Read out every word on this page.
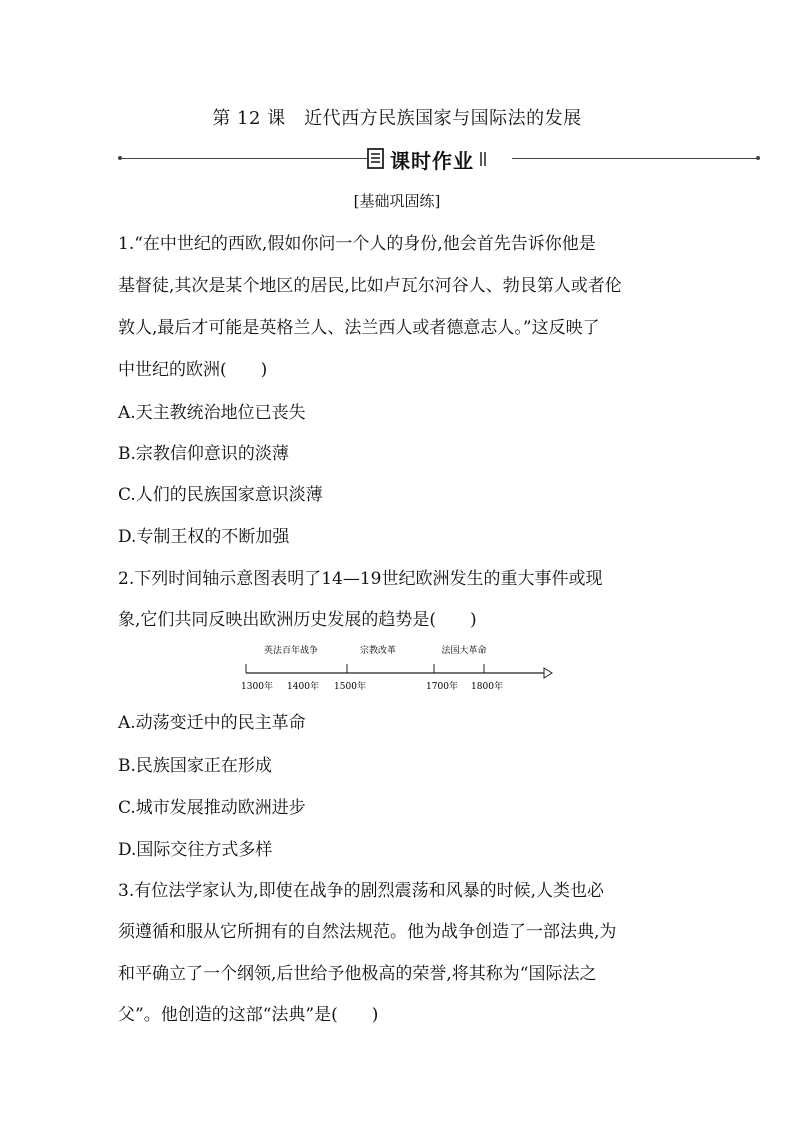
第 12 课　近代西方民族国家与国际法的发展
课时作业
[基础巩固练]
1.“在中世纪的西欧,假如你问一个人的身份,他会首先告诉你他是
基督徒,其次是某个地区的居民,比如卢瓦尔河谷人、勃艮第人或者伦
敦人,最后才可能是英格兰人、法兰西人或者德意志人。”这反映了
中世纪的欧洲(　　)
A.天主教统治地位已丧失
B.宗教信仰意识的淡薄
C.人们的民族国家意识淡薄
D.专制王权的不断加强
2.下列时间轴示意图表明了14—19世纪欧洲发生的重大事件或现
象,它们共同反映出欧洲历史发展的趋势是(　　)
英法百年战争	宗教改革	法国大革命
1300年 1400年 1500年	1700年 1800年
A.动荡变迁中的民主革命
B.民族国家正在形成
C.城市发展推动欧洲进步
D.国际交往方式多样
3.有位法学家认为,即使在战争的剧烈震荡和风暴的时候,人类也必
须遵循和服从它所拥有的自然法规范。他为战争创造了一部法典,为
和平确立了一个纲领,后世给予他极高的荣誉,将其称为“国际法之
父”。他创造的这部“法典”是(　　)
